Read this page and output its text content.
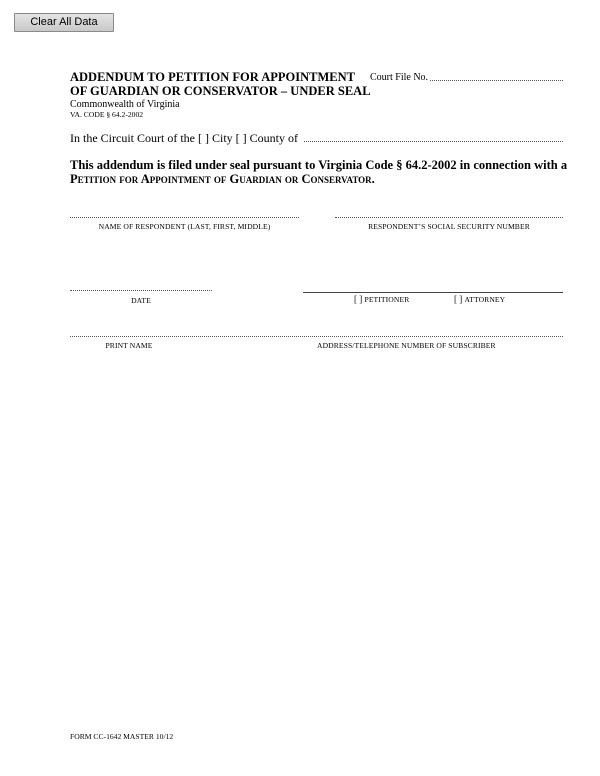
Clear All Data
ADDENDUM TO PETITION FOR APPOINTMENT
OF GUARDIAN OR CONSERVATOR – UNDER SEAL
Commonwealth of Virginia
VA. CODE § 64.2-2002
Court File No.
In the Circuit Court of the [ ] City [ ] County of
This addendum is filed under seal pursuant to Virginia Code § 64.2-2002 in connection with a
Petition for Appointment of Guardian or Conservator.
NAME OF RESPONDENT (LAST, FIRST, MIDDLE)	RESPONDENT’S SOCIAL SECURITY NUMBER
DATE	[ ] PETITIONER	[ ] ATTORNEY
PRINT NAME	ADDRESS/TELEPHONE NUMBER OF SUBSCRIBER
FORM CC-1642 MASTER 10/12
